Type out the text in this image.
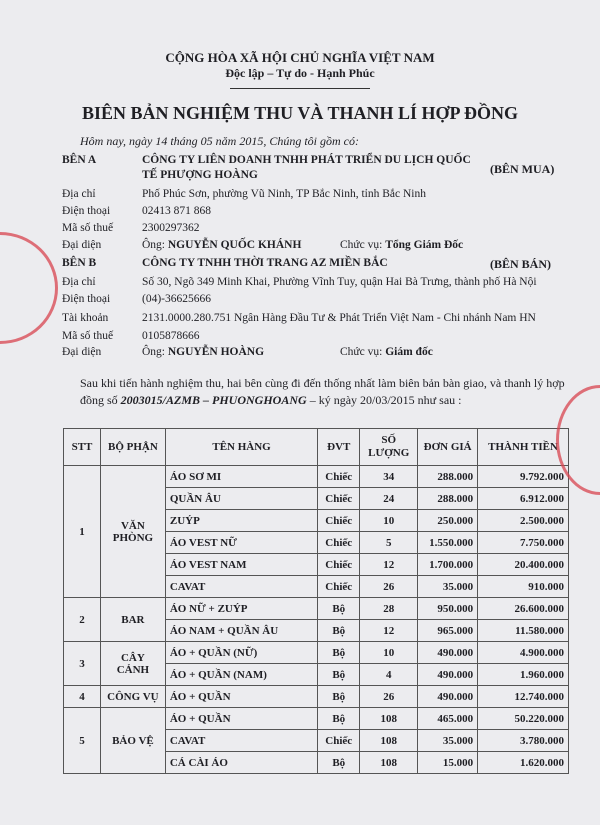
CỘNG HÒA XÃ HỘI CHỦ NGHĨA VIỆT NAM
Độc lập – Tự do - Hạnh Phúc
BIÊN BẢN NGHIỆM THU VÀ THANH LÍ HỢP ĐỒNG
Hôm nay, ngày 14 tháng 05 năm 2015, Chúng tôi gồm có:
BÊN A	CÔNG TY LIÊN DOANH TNHH PHÁT TRIỂN DU LỊCH QUỐC
TẾ PHƯỢNG HOÀNG	(BÊN MUA)
Địa chỉ	Phố Phúc Sơn, phường Vũ Ninh, TP Bắc Ninh, tỉnh Bắc Ninh
Điện thoại	02413 871 868
Mã số thuế	2300297362
Đại diện	Ông: NGUYỄN QUỐC KHÁNH	Chức vụ: Tổng Giám Đốc
BÊN B	CÔNG TY TNHH THỜI TRANG AZ MIỀN BẮC	(BÊN BÁN)
Địa chỉ	Số 30, Ngõ 349 Minh Khai, Phường Vĩnh Tuy, quận Hai Bà Trưng, thành phố Hà Nội
Điện thoại	(04)-36625666
Tài khoản	2131.0000.280.751 Ngân Hàng Đầu Tư & Phát Triển Việt Nam - Chi nhánh Nam HN
Mã số thuế	0105878666
Đại diện	Ông: NGUYỄN HOÀNG	Chức vụ: Giám đốc
Sau khi tiến hành nghiệm thu, hai bên cùng đi đến thống nhất làm biên bản bàn giao, và thanh lý hợp đồng số 2003015/AZMB – PHUONGHOANG – ký ngày 20/03/2015 như sau :
STT	BỘ PHẬN	TÊN HÀNG	ĐVT	SỐ LƯỢNG	ĐƠN GIÁ	THÀNH TIỀN
1	VĂN PHÒNG	ÁO SƠ MI	Chiếc	34	288.000	9.792.000
		QUẦN ÂU	Chiếc	24	288.000	6.912.000
		ZUÝP	Chiếc	10	250.000	2.500.000
		ÁO VEST NỮ	Chiếc	5	1.550.000	7.750.000
		ÁO VEST NAM	Chiếc	12	1.700.000	20.400.000
		CAVAT	Chiếc	26	35.000	910.000
2	BAR	ÁO NỮ + ZUÝP	Bộ	28	950.000	26.600.000
		ÁO NAM + QUẦN ÂU	Bộ	12	965.000	11.580.000
3	CÂY CẢNH	ÁO + QUẦN (NỮ)	Bộ	10	490.000	4.900.000
		ÁO + QUẦN (NAM)	Bộ	4	490.000	1.960.000
4	CÔNG VỤ	ÁO + QUẦN	Bộ	26	490.000	12.740.000
5	BẢO VỆ	ÁO + QUẦN	Bộ	108	465.000	50.220.000
		CAVAT	Chiếc	108	35.000	3.780.000
		CÁ CÀI ÁO	Bộ	108	15.000	1.620.000
